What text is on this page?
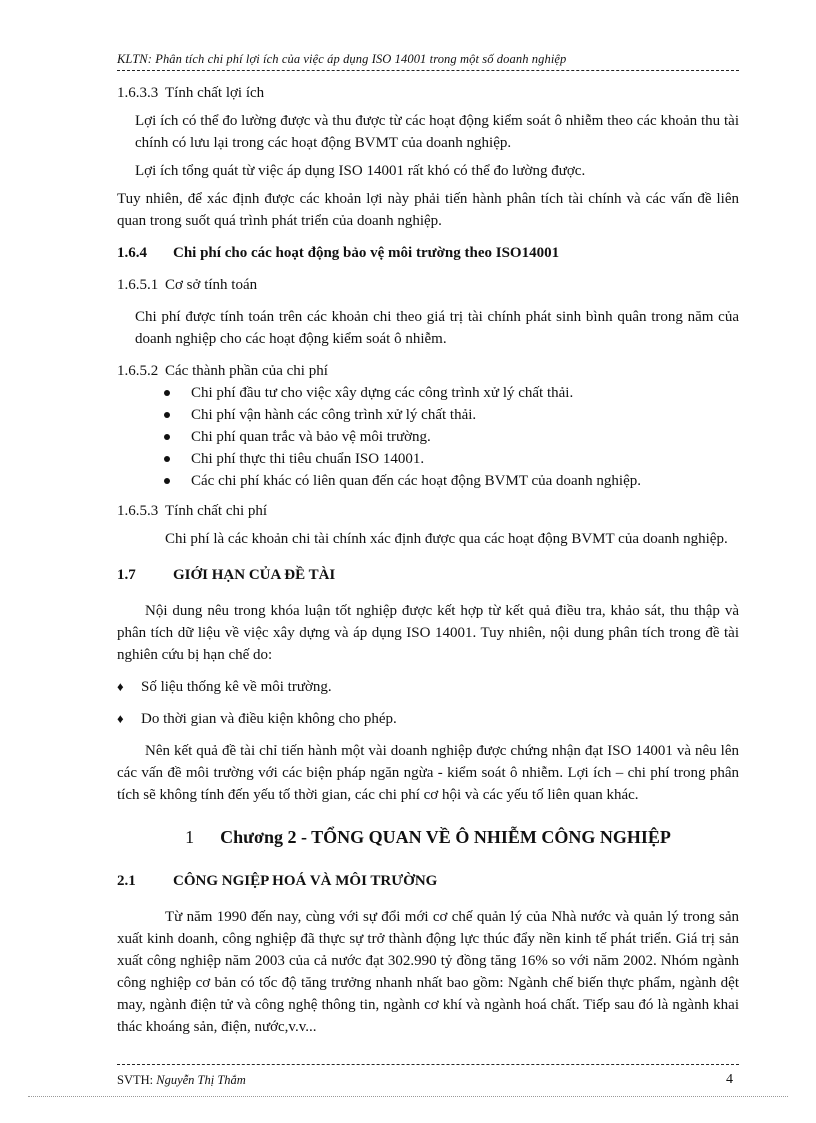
KLTN: Phân tích chi phí lợi ích của việc áp dụng ISO 14001 trong một số doanh nghiệp

1.6.3.3 Tính chất lợi ích

Lợi ích có thể đo lường được và thu được từ các hoạt động kiểm soát ô nhiễm theo các khoản thu tài chính có lưu lại trong các hoạt động BVMT của doanh nghiệp.

Lợi ích tổng quát từ việc áp dụng ISO 14001 rất khó có thể đo lường được.

Tuy nhiên, để xác định được các khoản lợi này phải tiến hành phân tích tài chính và các vấn đề liên quan trong suốt quá trình phát triển của doanh nghiệp.

1.6.4 Chi phí cho các hoạt động bảo vệ môi trường theo ISO14001

1.6.5.1 Cơ sở tính toán

Chi phí được tính toán trên các khoản chi theo giá trị tài chính phát sinh bình quân trong năm của doanh nghiệp cho các hoạt động kiểm soát ô nhiễm.

1.6.5.2 Các thành phần của chi phí

Chi phí đầu tư cho việc xây dựng các công trình xử lý chất thải.
Chi phí vận hành các công trình xử lý chất thải.
Chi phí quan trắc và bảo vệ môi trường.
Chi phí thực thi tiêu chuẩn ISO 14001.
Các chi phí khác có liên quan đến các hoạt động BVMT của doanh nghiệp.

1.6.5.3 Tính chất chi phí

Chi phí là các khoản chi tài chính xác định được qua các hoạt động BVMT của doanh nghiệp.

1.7 GIỚI HẠN CỦA ĐỀ TÀI

Nội dung nêu trong khóa luận tốt nghiệp được kết hợp từ kết quả điều tra, khảo sát, thu thập và phân tích dữ liệu về việc xây dựng và áp dụng ISO 14001. Tuy nhiên, nội dung phân tích trong đề tài nghiên cứu bị hạn chế do:

♦ Số liệu thống kê về môi trường.
♦ Do thời gian và điều kiện không cho phép.

Nên kết quả đề tài chỉ tiến hành một vài doanh nghiệp được chứng nhận đạt ISO 14001 và nêu lên các vấn đề môi trường với các biện pháp ngăn ngừa - kiểm soát ô nhiễm. Lợi ích – chi phí trong phân tích sẽ không tính đến yếu tố thời gian, các chi phí cơ hội và các yếu tố liên quan khác.

1 Chương 2 - TỔNG QUAN VỀ Ô NHIỄM CÔNG NGHIỆP

2.1 CÔNG NGIỆP HOÁ VÀ MÔI TRƯỜNG

Từ năm 1990 đến nay, cùng với sự đổi mới cơ chế quản lý của Nhà nước và quản lý trong sản xuất kinh doanh, công nghiệp đã thực sự trở thành động lực thúc đẩy nền kinh tế phát triển. Giá trị sản xuất công nghiệp năm 2003 của cả nước đạt 302.990 tỷ đồng tăng 16% so với năm 2002. Nhóm ngành công nghiệp cơ bản có tốc độ tăng trưởng nhanh nhất bao gồm: Ngành chế biến thực phẩm, ngành dệt may, ngành điện tử và công nghệ thông tin, ngành cơ khí và ngành hoá chất. Tiếp sau đó là ngành khai thác khoáng sản, điện, nước,v.v...

SVTH: Nguyễn Thị Thắm	4
